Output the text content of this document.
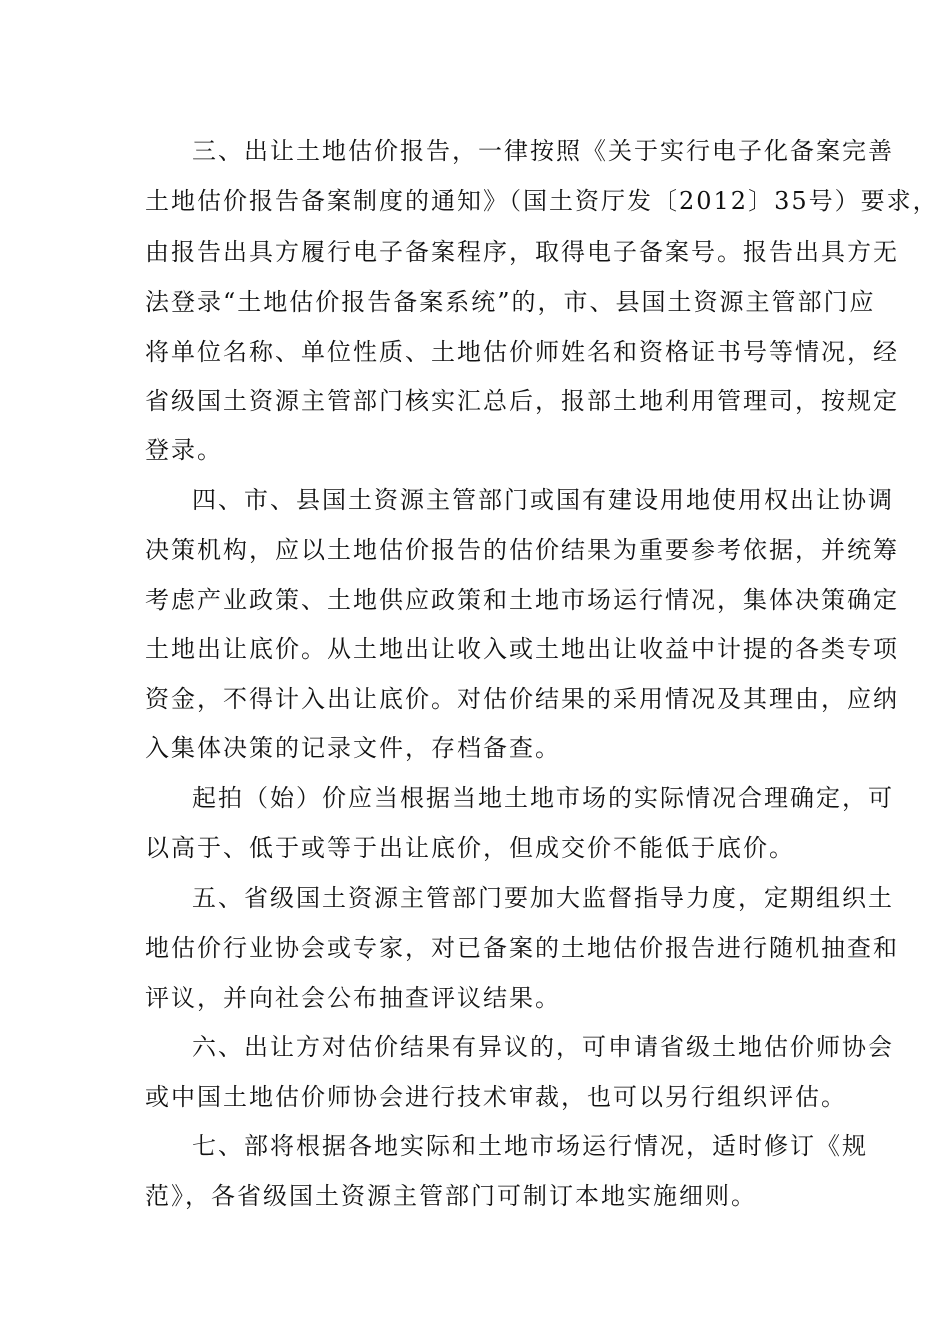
三、出让土地估价报告，一律按照《关于实行电子化备案完善
土地估价报告备案制度的通知》（国土资厅发〔2012〕35号）要求，
由报告出具方履行电子备案程序，取得电子备案号。报告出具方无
法登录“土地估价报告备案系统”的，市、县国土资源主管部门应
将单位名称、单位性质、土地估价师姓名和资格证书号等情况，经
省级国土资源主管部门核实汇总后，报部土地利用管理司，按规定
登录。
四、市、县国土资源主管部门或国有建设用地使用权出让协调
决策机构，应以土地估价报告的估价结果为重要参考依据，并统筹
考虑产业政策、土地供应政策和土地市场运行情况，集体决策确定
土地出让底价。从土地出让收入或土地出让收益中计提的各类专项
资金，不得计入出让底价。对估价结果的采用情况及其理由，应纳
入集体决策的记录文件，存档备查。
起拍（始）价应当根据当地土地市场的实际情况合理确定，可
以高于、低于或等于出让底价，但成交价不能低于底价。
五、省级国土资源主管部门要加大监督指导力度，定期组织土
地估价行业协会或专家，对已备案的土地估价报告进行随机抽查和
评议，并向社会公布抽查评议结果。
六、出让方对估价结果有异议的，可申请省级土地估价师协会
或中国土地估价师协会进行技术审裁，也可以另行组织评估。
七、部将根据各地实际和土地市场运行情况，适时修订《规
范》，各省级国土资源主管部门可制订本地实施细则。
